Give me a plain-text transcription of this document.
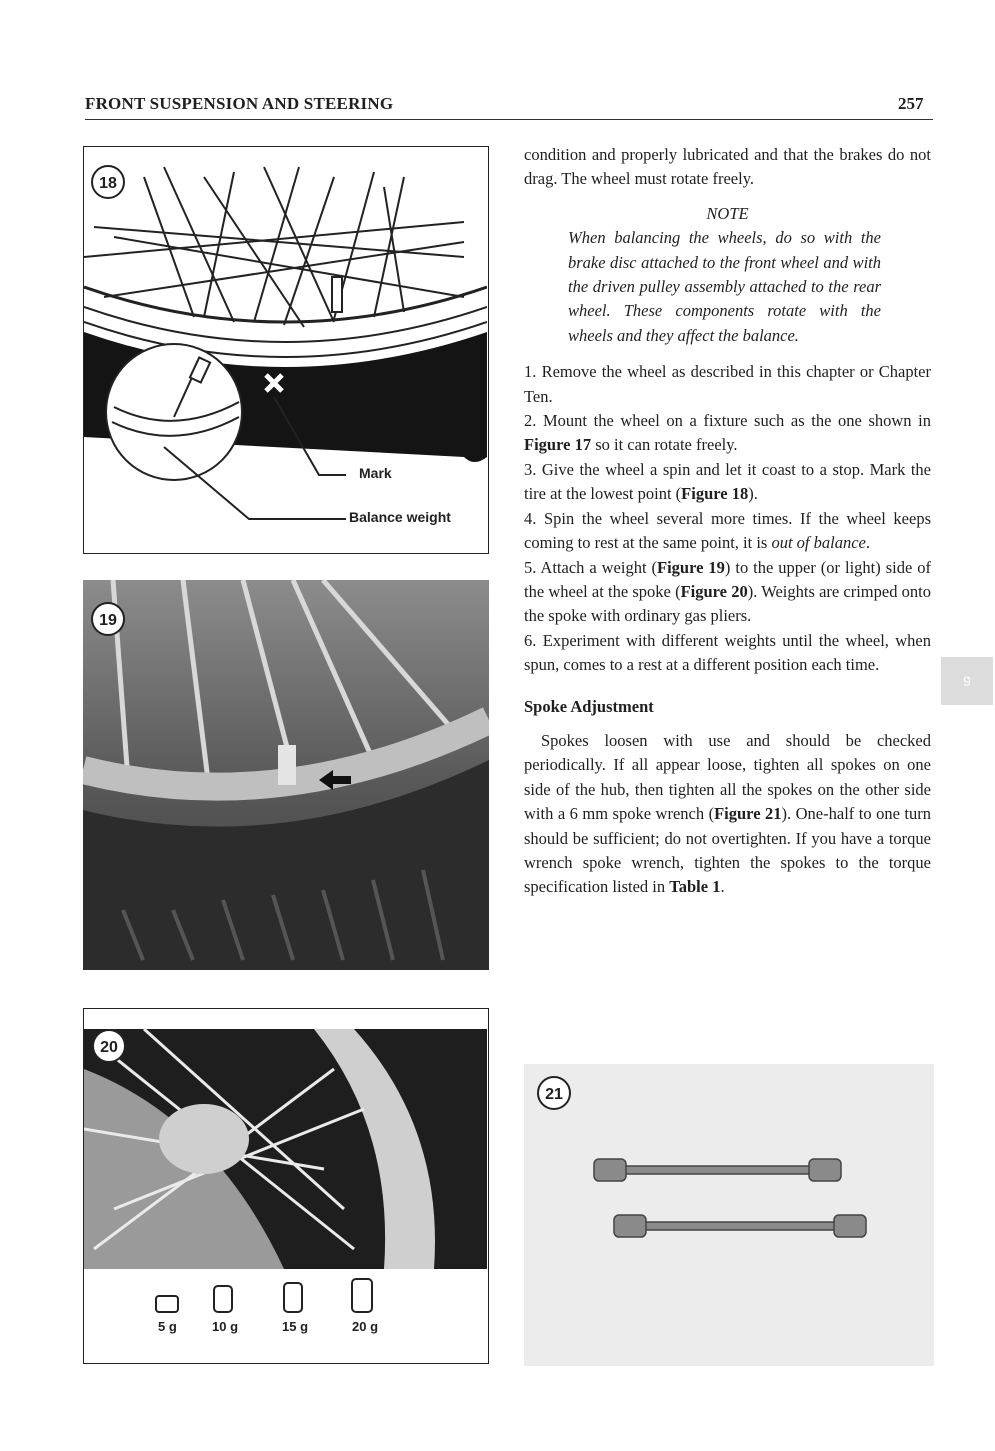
FRONT SUSPENSION AND STEERING	257
18
Mark
Balance weight
19
20
5 g	10 g	15 g	20 g

condition and properly lubricated and that the brakes do not drag. The wheel must rotate freely.

NOTE

When balancing the wheels, do so with the brake disc attached to the front wheel and with the driven pulley assembly attached to the rear wheel. These components rotate with the wheels and they affect the balance.

1. Remove the wheel as described in this chapter or Chapter Ten.

2. Mount the wheel on a fixture such as the one shown in Figure 17 so it can rotate freely.

3. Give the wheel a spin and let it coast to a stop. Mark the tire at the lowest point (Figure 18).

4. Spin the wheel several more times. If the wheel keeps coming to rest at the same point, it is out of balance.

5. Attach a weight (Figure 19) to the upper (or light) side of the wheel at the spoke (Figure 20). Weights are crimped onto the spoke with ordinary gas pliers.

6. Experiment with different weights until the wheel, when spun, comes to a rest at a different position each time.

Spoke Adjustment

Spokes loosen with use and should be checked periodically. If all appear loose, tighten all spokes on one side of the hub, then tighten all the spokes on the other side with a 6 mm spoke wrench (Figure 21). One-half to one turn should be sufficient; do not overtighten. If you have a torque wrench spoke wrench, tighten the spokes to the torque specification listed in Table 1.

21
9
